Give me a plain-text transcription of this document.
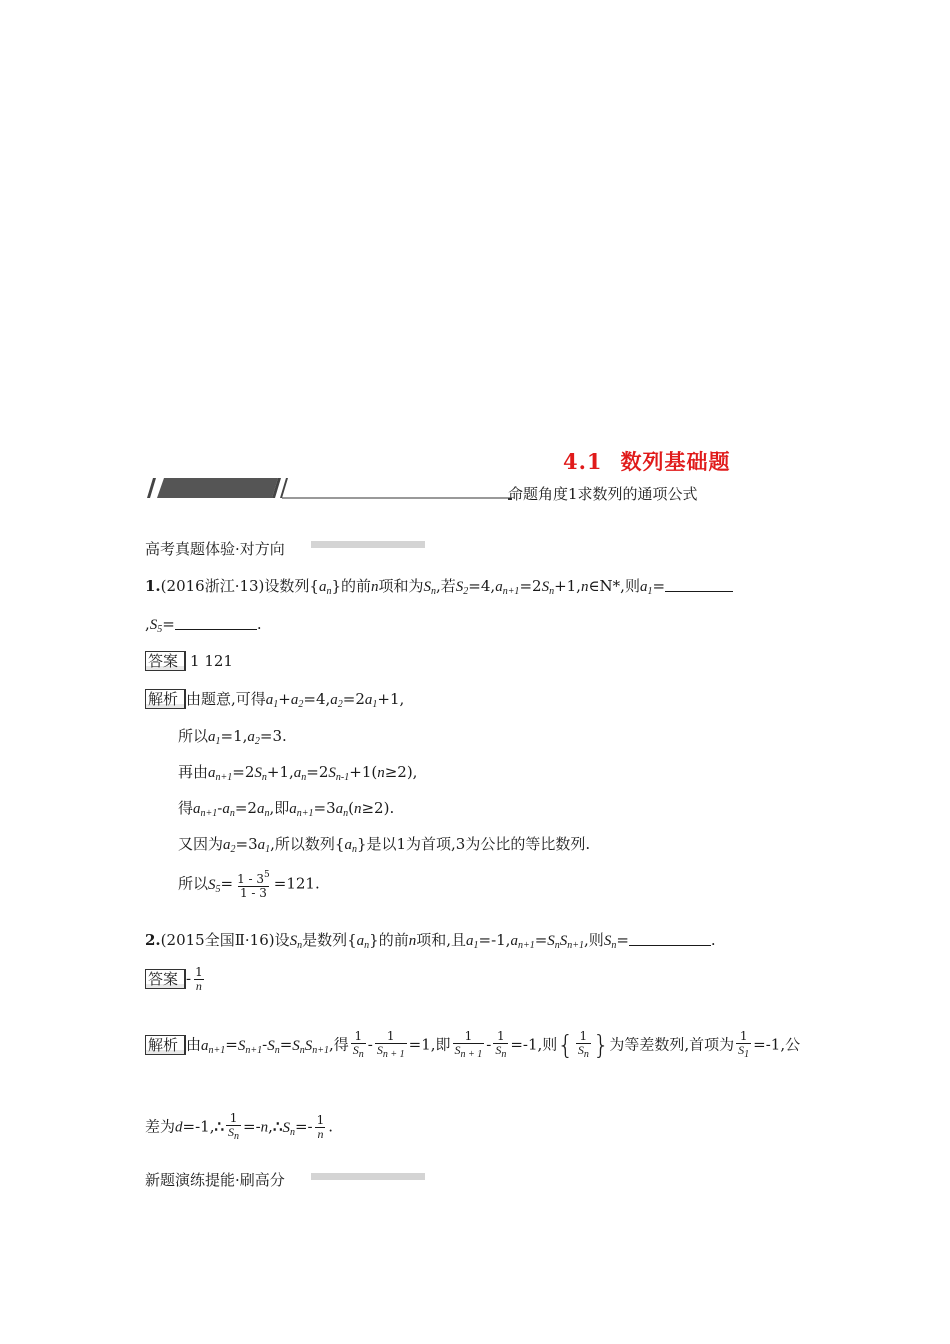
4.1 数列基础题
命题角度1求数列的通项公式
高考真题体验·对方向
1.(2016浙江·13)设数列$\{a_n\}$的前n项和为$S_n$,若$S_2=4,a_{n+1}=2S_n+1,n\in N*$,则$a_1=$
$,S_5=$	.
答案 1 121
解析 由题意,可得$a_1+a_2=4,a_2=2a_1+1$,
所以$a_1=1,a_2=3$.
再由$a_{n+1}=2S_n+1,a_n=2S_{n-1}+1(n\ge 2)$,
得$a_{n+1}-a_n=2a_n$,即$a_{n+1}=3a_n(n\ge 2)$.
又因为$a_2=3a_1$,所以数列$\{a_n\}$是以1为首项,3为公比的等比数列.
所以$S_5= \frac{1 - 3^5}{1 - 3} =121$.
2.(2015全国Ⅱ·16)设$S_n$是数列$\{a_n\}$的前n项和,且$a_1=-1,a_{n+1}=S_nS_{n+1}$,则$S_n=$	.
答案 - $\frac{1}{n}$
解析 由$a_{n+1}=S_{n+1}-S_n=S_nS_{n+1}$,得 $\frac{1}{S_n} - \frac{1}{S_{n + 1}} =1$,即 $\frac{1}{S_{n + 1}} - \frac{1}{S_n} =-1$,则{ $\frac{1}{S_n}$ }为等差数列,首项为 $\frac{1}{S_1} =-1$,公
差为d=-1,∴ $\frac{1}{S_n}$ $=-n,\therefore S_n=- \frac{1}{n}$ .
新题演练提能·刷高分
